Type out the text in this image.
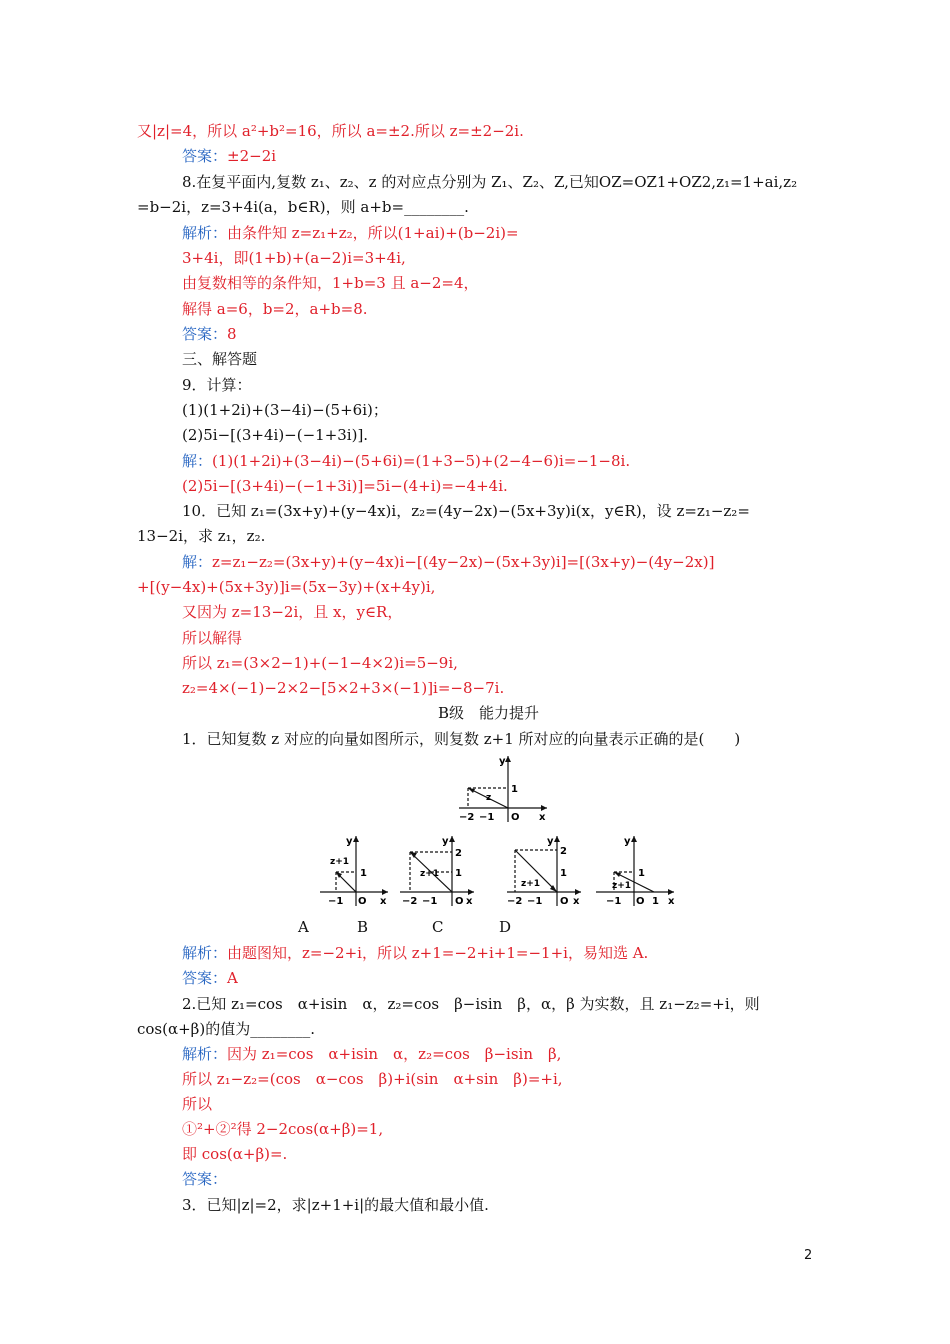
又|z|=4，所以 a²+b²=16，所以 a=±2.所以 z=±2−2i.
答案：±2−2i
8.在复平面内,复数 z₁、z₂、z 的对应点分别为 Z₁、Z₂、Z,已知OZ=OZ1+OZ2,z₁=1+ai,z₂
=b−2i，z=3+4i(a，b∈R)，则 a+b=________.
解析：由条件知 z=z₁+z₂，所以(1+ai)+(b−2i)=
3+4i，即(1+b)+(a−2)i=3+4i,
由复数相等的条件知，1+b=3 且 a−2=4，
解得 a=6，b=2，a+b=8.
答案：8
三、解答题
9．计算：
(1)(1+2i)+(3−4i)−(5+6i)；
(2)5i−[(3+4i)−(−1+3i)].
解：(1)(1+2i)+(3−4i)−(5+6i)=(1+3−5)+(2−4−6)i=−1−8i.
(2)5i−[(3+4i)−(−1+3i)]=5i−(4+i)=−4+4i.
10．已知 z₁=(3x+y)+(y−4x)i，z₂=(4y−2x)−(5x+3y)i(x，y∈R)，设 z=z₁−z₂=
13−2i，求 z₁，z₂.
解：z=z₁−z₂=(3x+y)+(y−4x)i−[(4y−2x)−(5x+3y)i]=[(3x+y)−(4y−2x)]
+[(y−4x)+(5x+3y)]i=(5x−3y)+(x+4y)i,
又因为 z=13−2i，且 x，y∈R，
所以解得
所以 z₁=(3×2−1)+(−1−4×2)i=5−9i,
z₂=4×(−1)−2×2−[5×2+3×(−1)]i=−8−7i.
B级　能力提升
1．已知复数 z 对应的向量如图所示，则复数 z+1 所对应的向量表示正确的是(　　)
y
x
1
O
−2 −1
z
y
x
1
O
−1
z+1
y
x
2
1
O
−2 −1
z+1
y
x
2
1
O
−2 −1
z+1
y
x
1
O
−1	1
z+1
A	B	C	D
解析：由题图知，z=−2+i，所以 z+1=−2+i+1=−1+i，易知选 A.
答案：A
2.已知 z₁=cos　α+isin　α，z₂=cos　β−isin　β，α，β 为实数，且 z₁−z₂=+i，则
cos(α+β)的值为________.
解析：因为 z₁=cos　α+isin　α，z₂=cos　β−isin　β,
所以 z₁−z₂=(cos　α−cos　β)+i(sin　α+sin　β)=+i,
所以
①²+②²得 2−2cos(α+β)=1,
即 cos(α+β)=.
答案：
3．已知|z|=2，求|z+1+i|的最大值和最小值.
2
